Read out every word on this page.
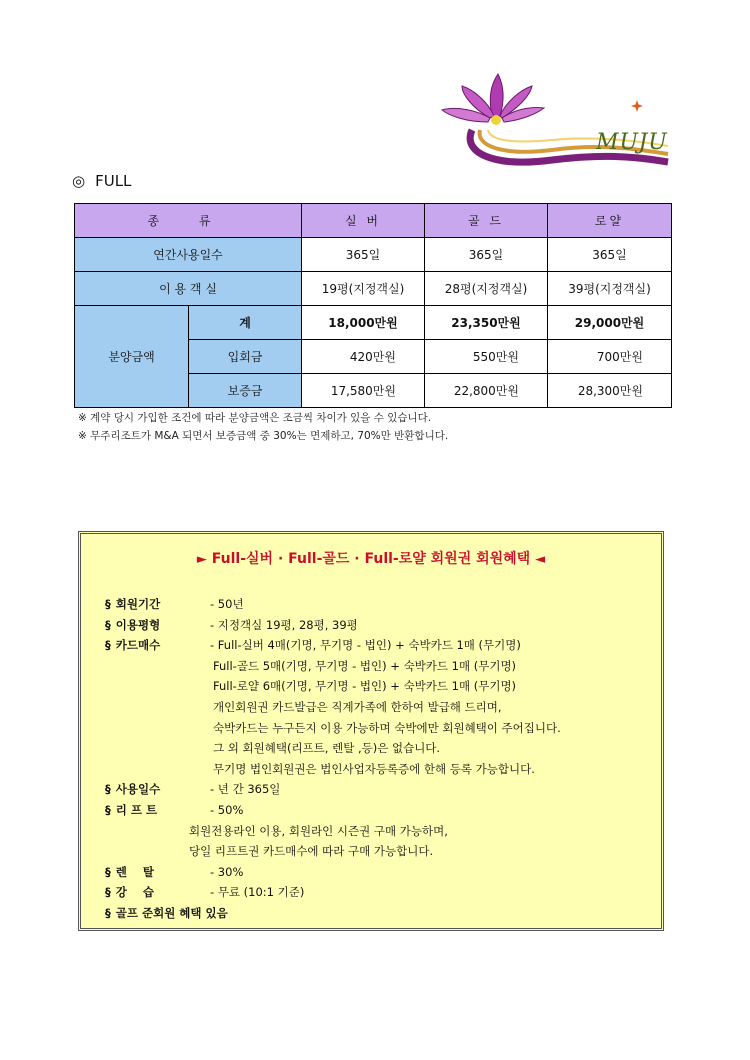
MUJU
◎ FULL
종 류		실 버	골 드	로얄
연간사용일수		365일	365일	365일
이 용 객 실		19평(지정객실)	28평(지정객실)	39평(지정객실)
분양금액	계	18,000만원	23,350만원	29,000만원
	입회금	420만원	550만원	700만원
	보증금	17,580만원	22,800만원	28,300만원
※ 계약 당시 가입한 조건에 따라 분양금액은 조금씩 차이가 있을 수 있습니다.
※ 무주리조트가 M&A 되면서 보증금액 중 30%는 면제하고, 70%만 반환합니다.
► Full-실버 · Full-골드 · Full-로얄 회원권 회원혜택 ◄
§ 회원기간	- 50년
§ 이용평형	- 지정객실 19평, 28평, 39평
§ 카드매수	- Full-실버 4매(기명, 무기명 - 법인) + 숙박카드 1매 (무기명)
Full-골드 5매(기명, 무기명 - 법인) + 숙박카드 1매 (무기명)
Full-로얄 6매(기명, 무기명 - 법인) + 숙박카드 1매 (무기명)
개인회원권 카드발급은 직계가족에 한하여 발급해 드리며,
숙박카드는 누구든지 이용 가능하며 숙박에만 회원혜택이 주어집니다.
그 외 회원혜택(리프트, 렌탈 ,등)은 없습니다.
무기명 법인회원권은 법인사업자등록증에 한해 등록 가능합니다.
§ 사용일수	- 년 간 365일
§ 리 프 트	- 50%
회원전용라인 이용, 회원라인 시즌권 구매 가능하며,
당일 리프트권 카드매수에 따라 구매 가능합니다.
§ 렌    탈	- 30%
§ 강    습	- 무료 (10:1 기준)
§ 골프 준회원 혜택 있음
